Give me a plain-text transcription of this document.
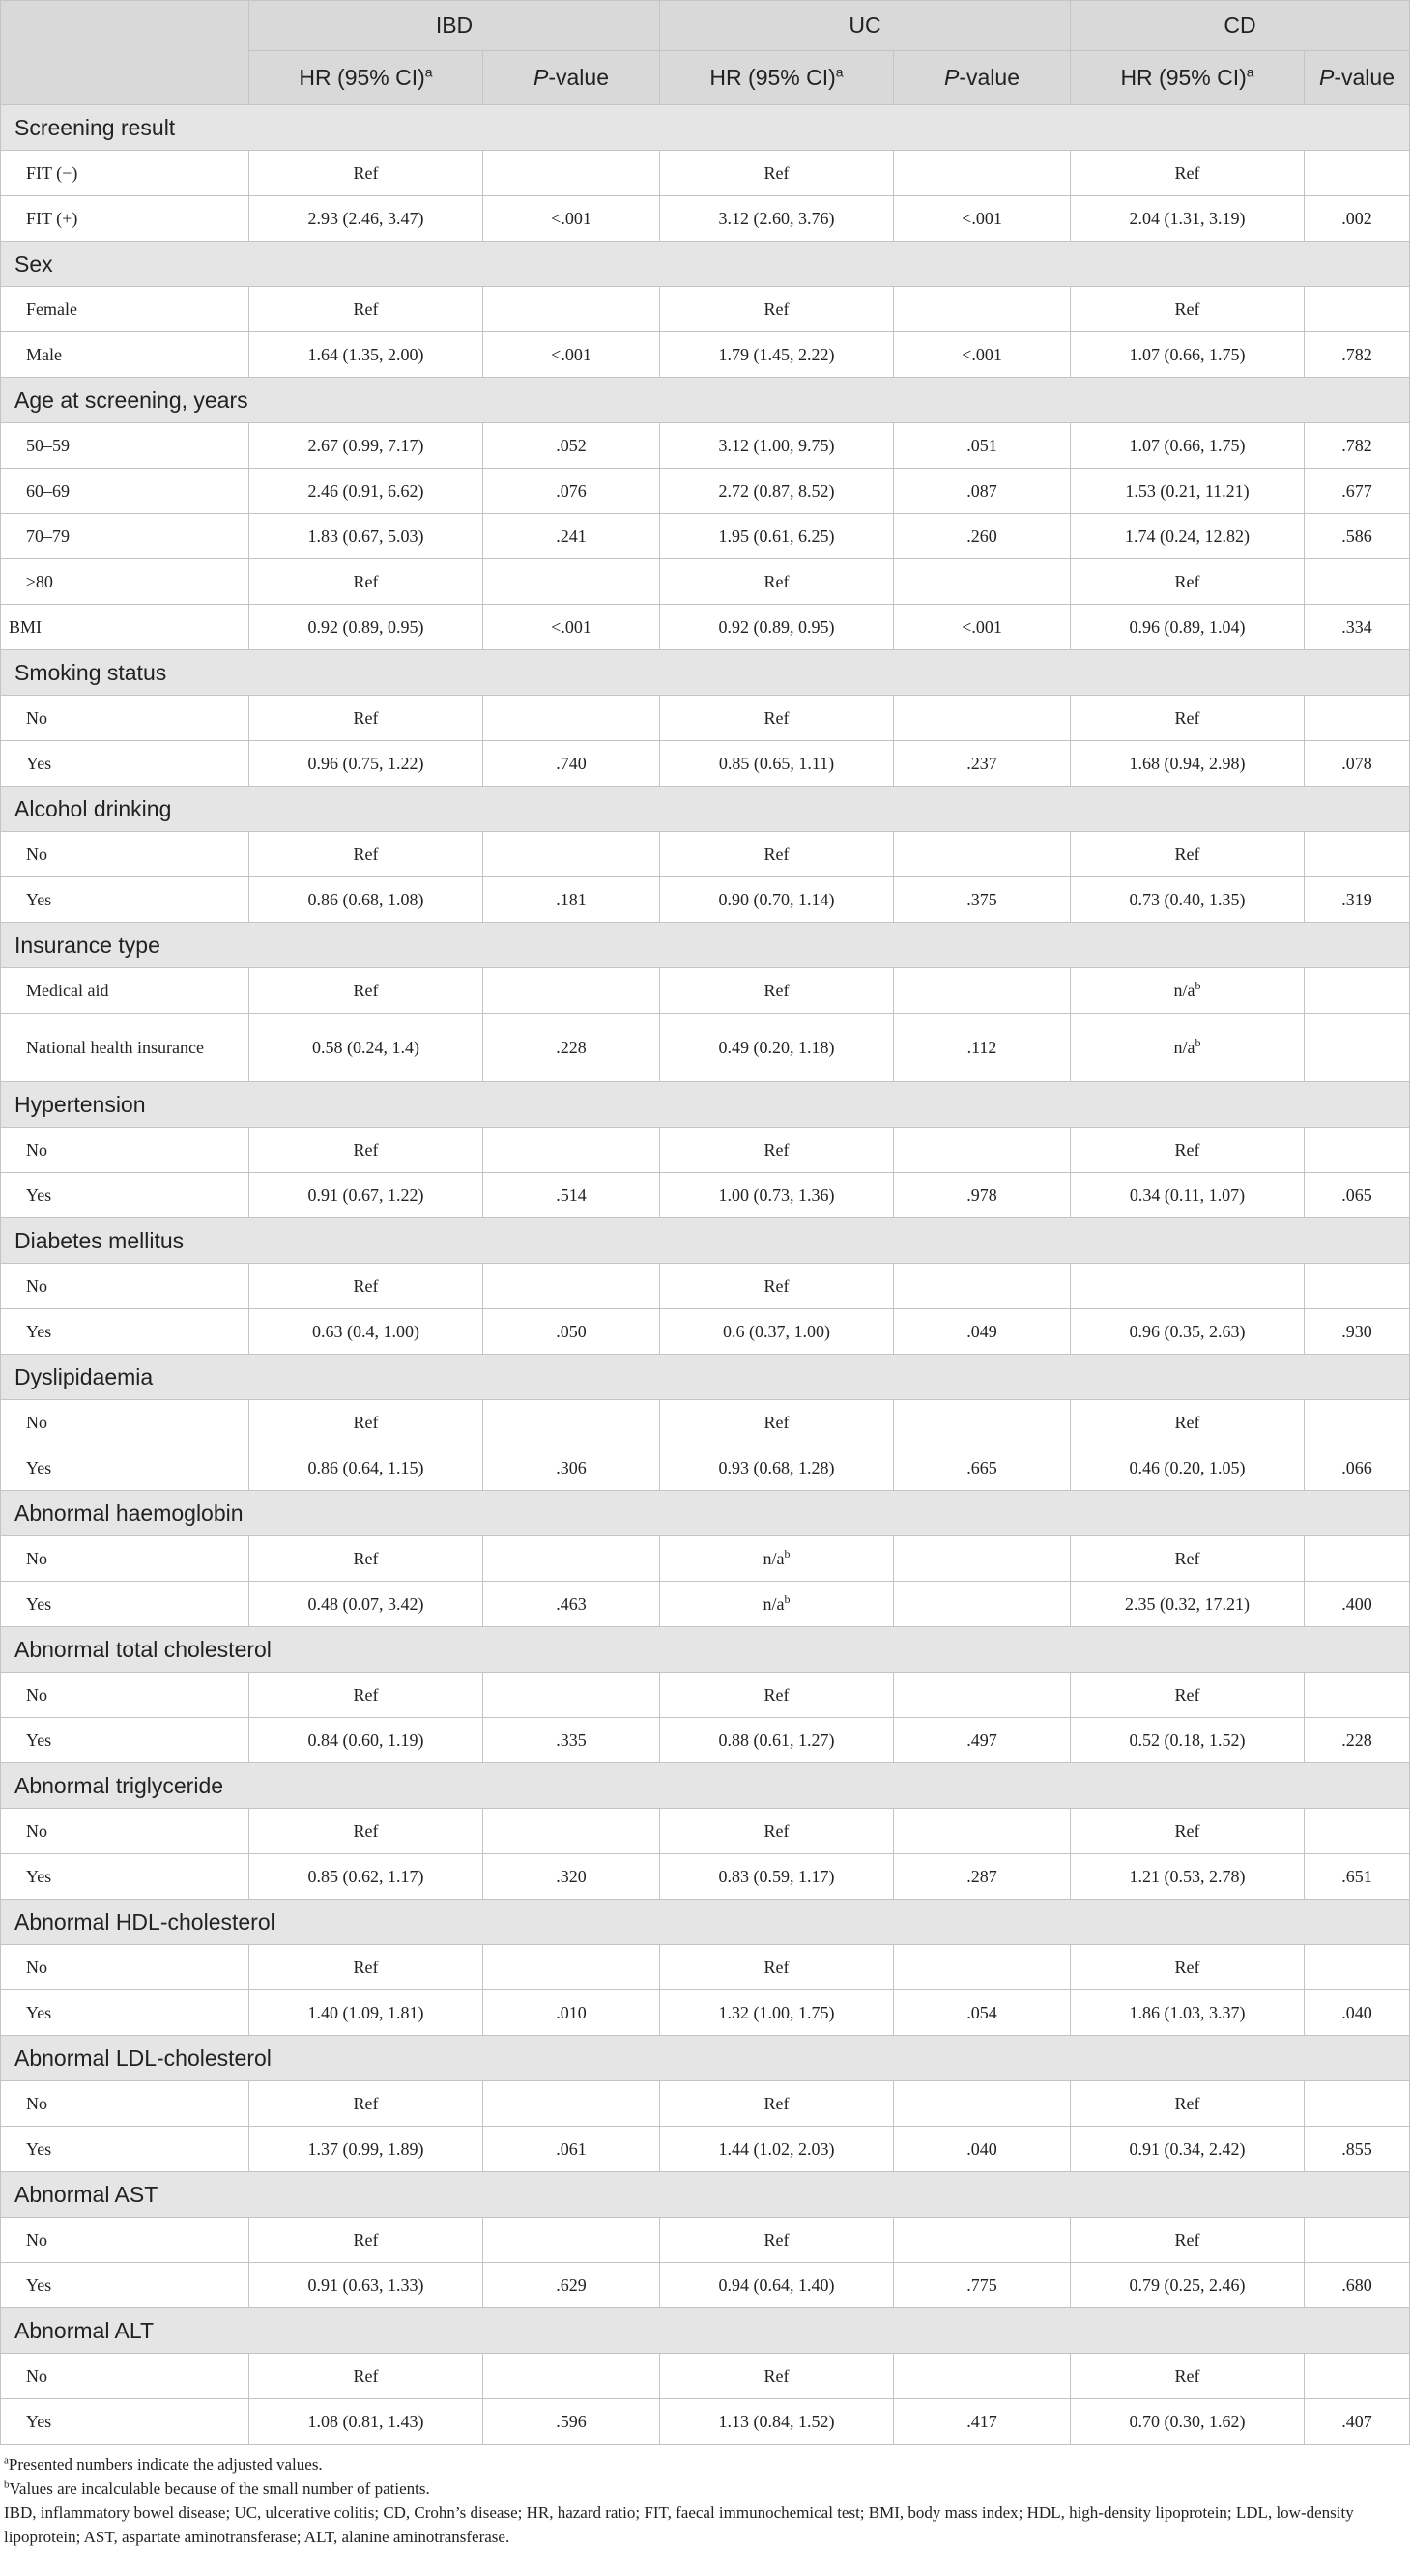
	IBD		UC		CD	
	HR (95% CI)$^a$	P-value	HR (95% CI)$^a$	P-value	HR (95% CI)$^a$	P-value
Screening result						
FIT (−)	Ref		Ref		Ref	
FIT (+)	2.93 (2.46, 3.47)	<.001	3.12 (2.60, 3.76)	<.001	2.04 (1.31, 3.19)	.002
Sex						
Female	Ref		Ref		Ref	
Male	1.64 (1.35, 2.00)	<.001	1.79 (1.45, 2.22)	<.001	1.07 (0.66, 1.75)	.782
Age at screening, years						
50–59	2.67 (0.99, 7.17)	.052	3.12 (1.00, 9.75)	.051	1.07 (0.66, 1.75)	.782
60–69	2.46 (0.91, 6.62)	.076	2.72 (0.87, 8.52)	.087	1.53 (0.21, 11.21)	.677
70–79	1.83 (0.67, 5.03)	.241	1.95 (0.61, 6.25)	.260	1.74 (0.24, 12.82)	.586
≥80	Ref		Ref		Ref	
BMI	0.92 (0.89, 0.95)	<.001	0.92 (0.89, 0.95)	<.001	0.96 (0.89, 1.04)	.334
Smoking status						
No	Ref		Ref		Ref	
Yes	0.96 (0.75, 1.22)	.740	0.85 (0.65, 1.11)	.237	1.68 (0.94, 2.98)	.078
Alcohol drinking						
No	Ref		Ref		Ref	
Yes	0.86 (0.68, 1.08)	.181	0.90 (0.70, 1.14)	.375	0.73 (0.40, 1.35)	.319
Insurance type						
Medical aid	Ref		Ref		$n/a^b$	
National health insurance	0.58 (0.24, 1.4)	.228	0.49 (0.20, 1.18)	.112	$n/a^b$	
Hypertension						
No	Ref		Ref		Ref	
Yes	0.91 (0.67, 1.22)	.514	1.00 (0.73, 1.36)	.978	0.34 (0.11, 1.07)	.065
Diabetes mellitus						
No	Ref		Ref			
Yes	0.63 (0.4, 1.00)	.050	0.6 (0.37, 1.00)	.049	0.96 (0.35, 2.63)	.930
Dyslipidaemia						
No	Ref		Ref		Ref	
Yes	0.86 (0.64, 1.15)	.306	0.93 (0.68, 1.28)	.665	0.46 (0.20, 1.05)	.066
Abnormal haemoglobin						
No	Ref		$n/a^b$		Ref	
Yes	0.48 (0.07, 3.42)	.463	$n/a^b$		2.35 (0.32, 17.21)	.400
Abnormal total cholesterol						
No	Ref		Ref		Ref	
Yes	0.84 (0.60, 1.19)	.335	0.88 (0.61, 1.27)	.497	0.52 (0.18, 1.52)	.228
Abnormal triglyceride						
No	Ref		Ref		Ref	
Yes	0.85 (0.62, 1.17)	.320	0.83 (0.59, 1.17)	.287	1.21 (0.53, 2.78)	.651
Abnormal HDL-cholesterol						
No	Ref		Ref		Ref	
Yes	1.40 (1.09, 1.81)	.010	1.32 (1.00, 1.75)	.054	1.86 (1.03, 3.37)	.040
Abnormal LDL-cholesterol						
No	Ref		Ref		Ref	
Yes	1.37 (0.99, 1.89)	.061	1.44 (1.02, 2.03)	.040	0.91 (0.34, 2.42)	.855
Abnormal AST						
No	Ref		Ref		Ref	
Yes	0.91 (0.63, 1.33)	.629	0.94 (0.64, 1.40)	.775	0.79 (0.25, 2.46)	.680
Abnormal ALT						
No	Ref		Ref		Ref	
Yes	1.08 (0.81, 1.43)	.596	1.13 (0.84, 1.52)	.417	0.70 (0.30, 1.62)	.407

$^a$Presented numbers indicate the adjusted values.

$^b$Values are incalculable because of the small number of patients.

IBD, inflammatory bowel disease; UC, ulcerative colitis; CD, Crohn’s disease; HR, hazard ratio; FIT, faecal immunochemical test; BMI, body mass index; HDL, high-density lipoprotein; LDL, low-density lipoprotein; AST, aspartate aminotransferase; ALT, alanine aminotransferase.
